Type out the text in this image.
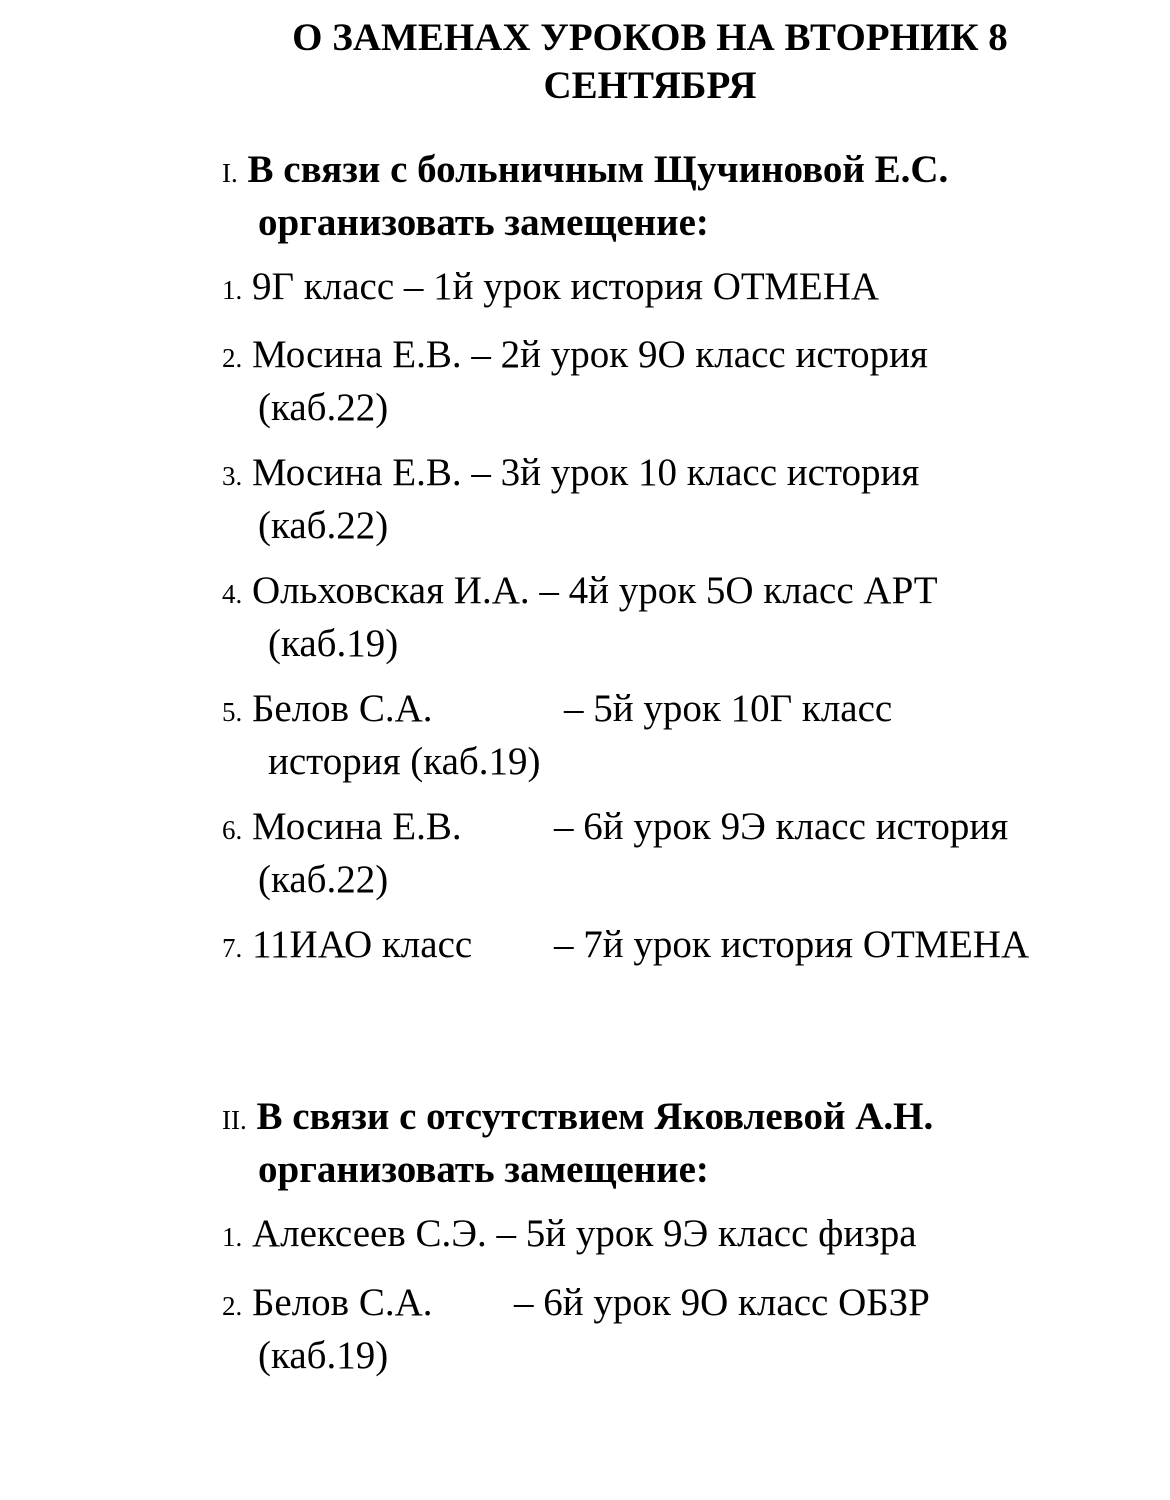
О ЗАМЕНАХ УРОКОВ НА ВТОРНИК 8
СЕНТЯБРЯ
I. В связи с больничным Щучиновой Е.С.
организовать замещение:
1. 9Г класс – 1й урок история ОТМЕНА
2. Мосина Е.В. – 2й урок 9О класс история
(каб.22)
3. Мосина Е.В. – 3й урок 10 класс история
(каб.22)
4. Ольховская И.А. – 4й урок 5О класс АРТ
(каб.19)
5. Белов С.А.	– 5й урок 10Г класс
история (каб.19)
6. Мосина Е.В. – 6й урок 9Э класс история
(каб.22)
7. 11ИАО класс – 7й урок история ОТМЕНА
II. В связи с отсутствием Яковлевой А.Н.
организовать замещение:
1. Алексеев С.Э. – 5й урок 9Э класс физра
2. Белов С.А. – 6й урок 9О класс ОБЗР
(каб.19)
